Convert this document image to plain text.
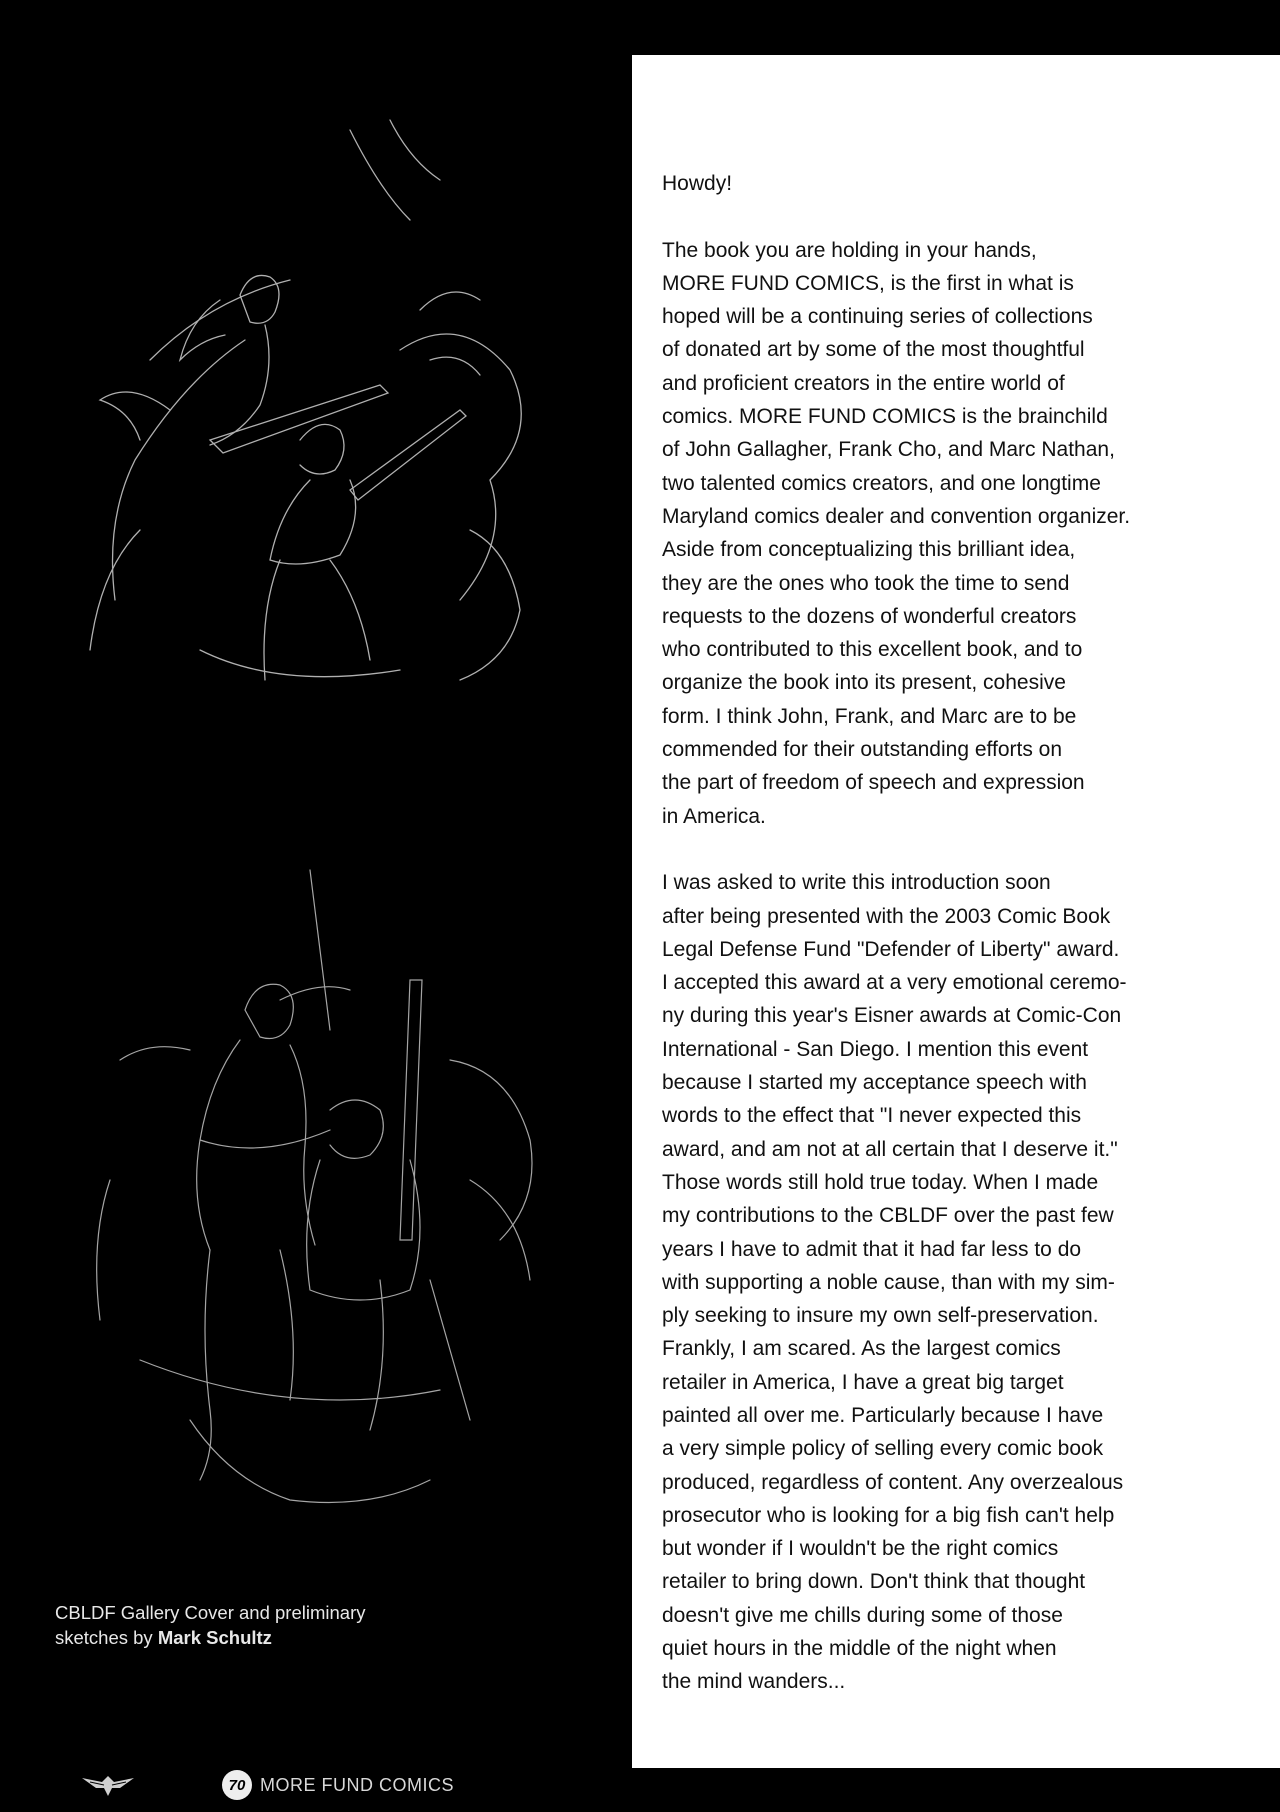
CBLDF Gallery Cover and preliminary sketches by Mark Schultz
70 MORE FUND COMICS

Howdy!

The book you are holding in your hands,
MORE FUND COMICS, is the first in what is
hoped will be a continuing series of collections
of donated art by some of the most thoughtful
and proficient creators in the entire world of
comics. MORE FUND COMICS is the brainchild
of John Gallagher, Frank Cho, and Marc Nathan,
two talented comics creators, and one longtime
Maryland comics dealer and convention organizer.
Aside from conceptualizing this brilliant idea,
they are the ones who took the time to send
requests to the dozens of wonderful creators
who contributed to this excellent book, and to
organize the book into its present, cohesive
form. I think John, Frank, and Marc are to be
commended for their outstanding efforts on
the part of freedom of speech and expression
in America.

I was asked to write this introduction soon
after being presented with the 2003 Comic Book
Legal Defense Fund "Defender of Liberty" award.
I accepted this award at a very emotional ceremo-
ny during this year's Eisner awards at Comic-Con
International - San Diego. I mention this event
because I started my acceptance speech with
words to the effect that "I never expected this
award, and am not at all certain that I deserve it."
Those words still hold true today. When I made
my contributions to the CBLDF over the past few
years I have to admit that it had far less to do
with supporting a noble cause, than with my sim-
ply seeking to insure my own self-preservation.
Frankly, I am scared. As the largest comics
retailer in America, I have a great big target
painted all over me. Particularly because I have
a very simple policy of selling every comic book
produced, regardless of content. Any overzealous
prosecutor who is looking for a big fish can't help
but wonder if I wouldn't be the right comics
retailer to bring down. Don't think that thought
doesn't give me chills during some of those
quiet hours in the middle of the night when
the mind wanders...
